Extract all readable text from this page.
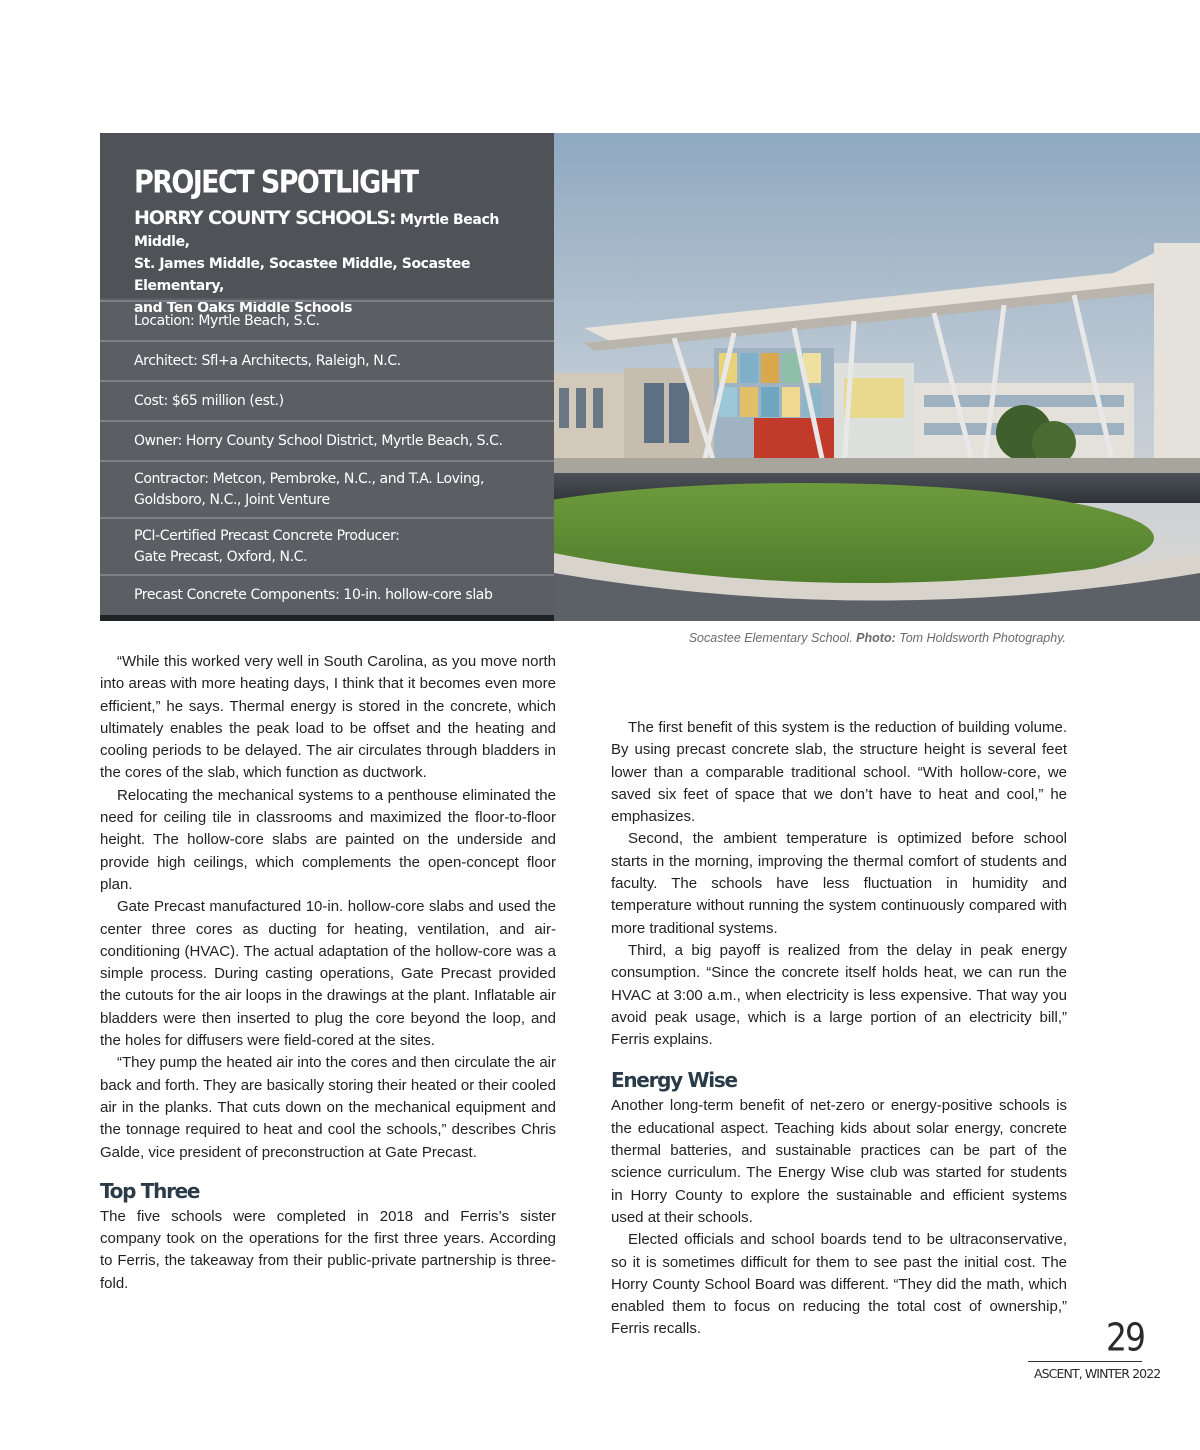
PROJECT SPOTLIGHT
HORRY COUNTY SCHOOLS: Myrtle Beach Middle,
St. James Middle, Socastee Middle, Socastee Elementary,
and Ten Oaks Middle Schools
Location: Myrtle Beach, S.C.
Architect: Sfl+a Architects, Raleigh, N.C.
Cost: $65 million (est.)
Owner: Horry County School District, Myrtle Beach, S.C.
Contractor: Metcon, Pembroke, N.C., and T.A. Loving,
Goldsboro, N.C., Joint Venture
PCI-Certified Precast Concrete Producer:
Gate Precast, Oxford, N.C.
Precast Concrete Components: 10-in. hollow-core slab
Socastee Elementary School. Photo: Tom Holdsworth Photography.

“While this worked very well in South Carolina, as you move north into areas with more heating days, I think that it becomes even more efficient,” he says. Thermal energy is stored in the concrete, which ultimately enables the peak load to be offset and the heating and cooling periods to be delayed. The air circulates through bladders in the cores of the slab, which function as ductwork.

Relocating the mechanical systems to a penthouse eliminated the need for ceiling tile in classrooms and maximized the floor-to-floor height. The hollow-core slabs are painted on the underside and provide high ceilings, which complements the open-concept floor plan.

Gate Precast manufactured 10-in. hollow-core slabs and used the center three cores as ducting for heating, ventilation, and air-conditioning (HVAC). The actual adaptation of the hollow-core was a simple process. During casting operations, Gate Precast provided the cutouts for the air loops in the drawings at the plant. Inflatable air bladders were then inserted to plug the core beyond the loop, and the holes for diffusers were field-cored at the sites.

“They pump the heated air into the cores and then circulate the air back and forth. They are basically storing their heated or their cooled air in the planks. That cuts down on the mechanical equipment and the tonnage required to heat and cool the schools,” describes Chris Galde, vice president of preconstruction at Gate Precast.

Top Three

The five schools were completed in 2018 and Ferris’s sister company took on the operations for the first three years. According to Ferris, the takeaway from their public-private partnership is three-fold.

The first benefit of this system is the reduction of building volume. By using precast concrete slab, the structure height is several feet lower than a comparable traditional school. “With hollow-core, we saved six feet of space that we don’t have to heat and cool,” he emphasizes.

Second, the ambient temperature is optimized before school starts in the morning, improving the thermal comfort of students and faculty. The schools have less fluctuation in humidity and temperature without running the system continuously compared with more traditional systems.

Third, a big payoff is realized from the delay in peak energy consumption. “Since the concrete itself holds heat, we can run the HVAC at 3:00 a.m., when electricity is less expensive. That way you avoid peak usage, which is a large portion of an electricity bill,” Ferris explains.

Energy Wise

Another long-term benefit of net-zero or energy-positive schools is the educational aspect. Teaching kids about solar energy, concrete thermal batteries, and sustainable practices can be part of the science curriculum. The Energy Wise club was started for students in Horry County to explore the sustainable and efficient systems used at their schools.

Elected officials and school boards tend to be ultraconservative, so it is sometimes difficult for them to see past the initial cost. The Horry County School Board was different. “They did the math, which enabled them to focus on reducing the total cost of ownership,” Ferris recalls.	29
ASCENT, WINTER 2022
